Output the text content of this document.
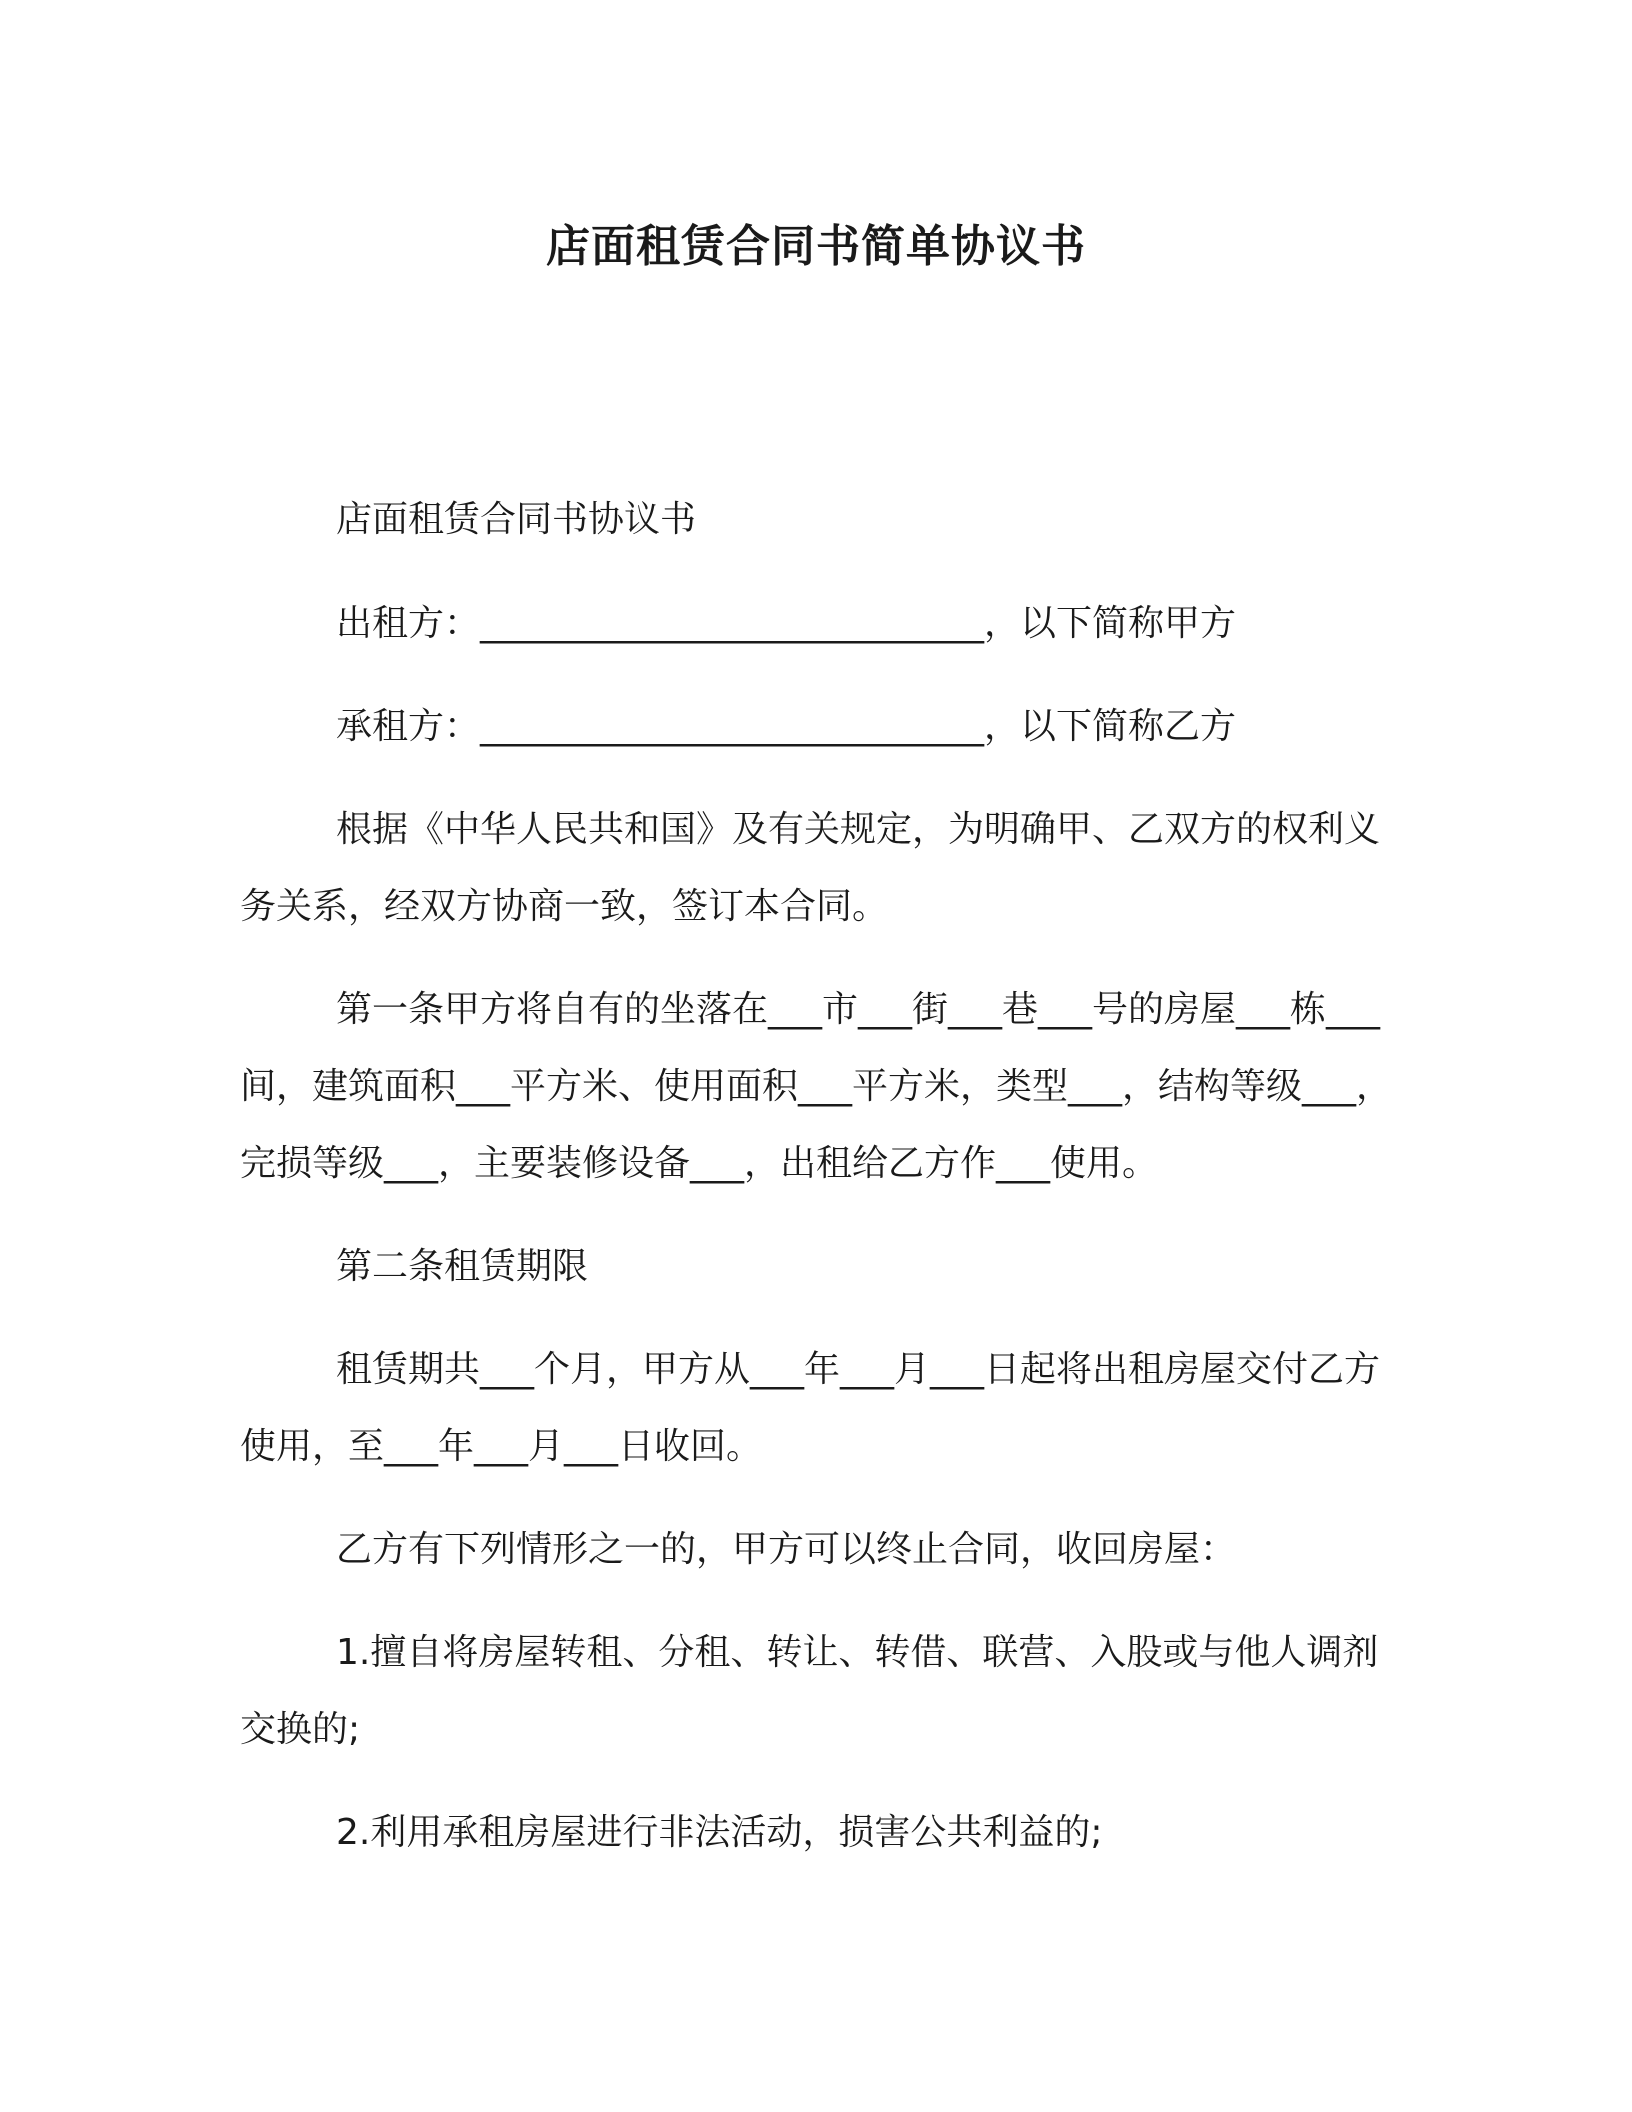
店面租赁合同书简单协议书

店面租赁合同书协议书

出租方：____________________________，以下简称甲方

承租方：____________________________，以下简称乙方

根据《中华人民共和国》及有关规定，为明确甲、乙双方的权利义务关系，经双方协商一致，签订本合同。

第一条甲方将自有的坐落在___市___街___巷___号的房屋___栋___间，建筑面积___平方米、使用面积___平方米，类型___，结构等级___，完损等级___，主要装修设备___，出租给乙方作___使用。

第二条租赁期限

租赁期共___个月，甲方从___年___月___日起将出租房屋交付乙方使用，至___年___月___日收回。

乙方有下列情形之一的，甲方可以终止合同，收回房屋：

1.擅自将房屋转租、分租、转让、转借、联营、入股或与他人调剂交换的;

2.利用承租房屋进行非法活动，损害公共利益的;
